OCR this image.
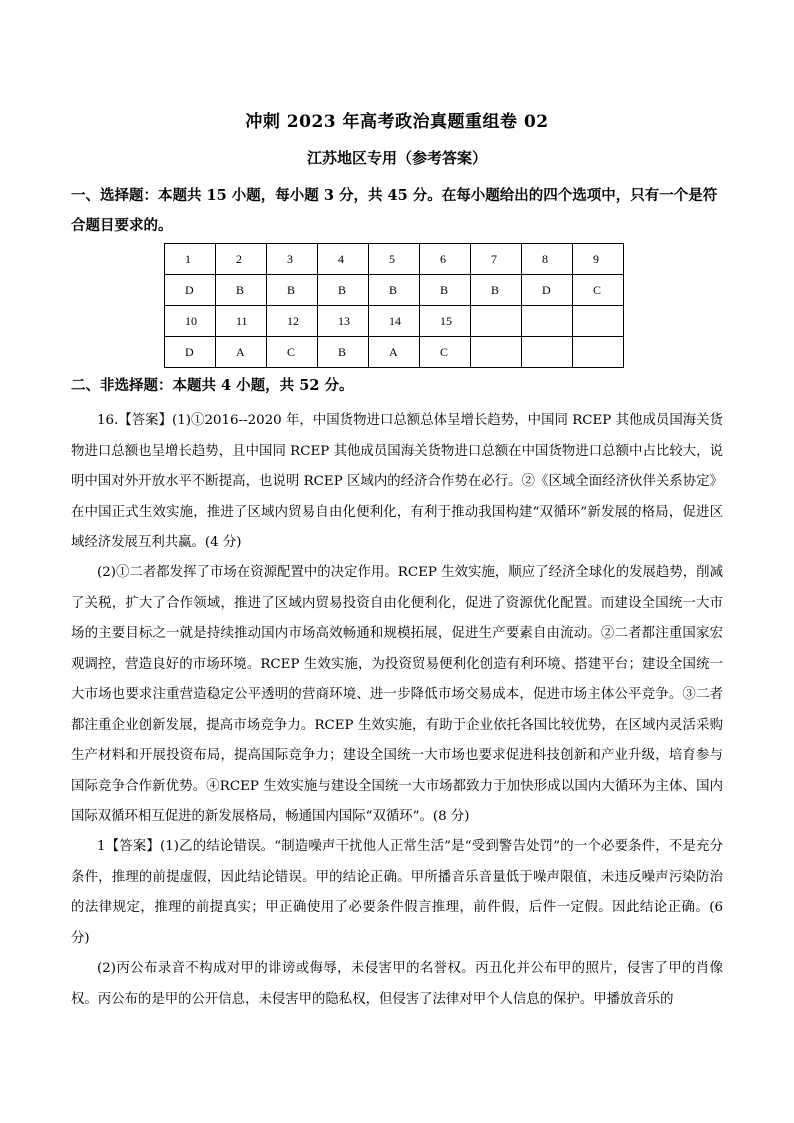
冲刺 2023 年高考政治真题重组卷 02
江苏地区专用（参考答案）
一、选择题：本题共 15 小题，每小题 3 分，共 45 分。在每小题给出的四个选项中，只有一个是符合题目要求的。
1	2	3	4	5	6	7	8	9
D	B	B	B	B	B	B	D	C
10	11	12	13	14	15			
D	A	C	B	A	C			
二、非选择题：本题共 4 小题，共 52 分。
16.【答案】(1)①2016--2020 年，中国货物进口总额总体呈增长趋势，中国同 RCEP 其他成员国海关货物进口总额也呈增长趋势，且中国同 RCEP 其他成员国海关货物进口总额在中国货物进口总额中占比较大，说明中国对外开放水平不断提高，也说明 RCEP 区域内的经济合作势在必行。②《区域全面经济伙伴关系协定》在中国正式生效实施，推进了区域内贸易自由化便利化，有利于推动我国构建“双循环”新发展的格局，促进区域经济发展互利共赢。(4 分)
(2)①二者都发挥了市场在资源配置中的决定作用。RCEP 生效实施，顺应了经济全球化的发展趋势，削减了关税，扩大了合作领域，推进了区域内贸易投资自由化便利化，促进了资源优化配置。而建设全国统一大市场的主要目标之一就是持续推动国内市场高效畅通和规模拓展，促进生产要素自由流动。②二者都注重国家宏观调控，营造良好的市场环境。RCEP 生效实施，为投资贸易便利化创造有利环境、搭建平台；建设全国统一大市场也要求注重营造稳定公平透明的营商环境、进一步降低市场交易成本，促进市场主体公平竞争。③二者都注重企业创新发展，提高市场竞争力。RCEP 生效实施，有助于企业依托各国比较优势，在区域内灵活采购生产材料和开展投资布局，提高国际竞争力；建设全国统一大市场也要求促进科技创新和产业升级，培育参与国际竞争合作新优势。④RCEP 生效实施与建设全国统一大市场都致力于加快形成以国内大循环为主体、国内国际双循环相互促进的新发展格局，畅通国内国际“双循环”。(8 分)
1【答案】(1)乙的结论错误。“制造噪声干扰他人正常生活”是“受到警告处罚”的一个必要条件，不是充分条件，推理的前提虚假，因此结论错误。甲的结论正确。甲所播音乐音量低于噪声限值，未违反噪声污染防治的法律规定，推理的前提真实；甲正确使用了必要条件假言推理，前件假，后件一定假。因此结论正确。(6 分)
(2)丙公布录音不构成对甲的诽谤或侮辱，未侵害甲的名誉权。丙丑化并公布甲的照片，侵害了甲的肖像权。丙公布的是甲的公开信息，未侵害甲的隐私权，但侵害了法律对甲个人信息的保护。甲播放音乐的
